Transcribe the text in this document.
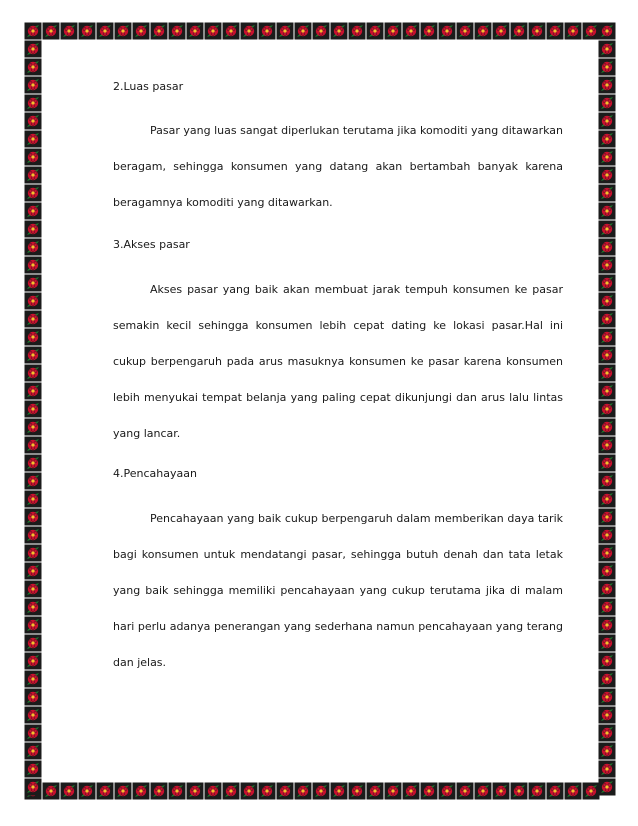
2.Luas pasar

Pasar yang luas sangat diperlukan terutama jika komoditi yang ditawarkan beragam, sehingga konsumen yang datang akan bertambah banyak karena beragamnya komoditi yang ditawarkan.

3.Akses pasar

Akses pasar yang baik akan membuat jarak tempuh konsumen ke pasar semakin kecil sehingga konsumen lebih cepat dating ke lokasi pasar.Hal ini cukup berpengaruh pada arus masuknya konsumen ke pasar karena konsumen lebih menyukai tempat belanja yang paling cepat dikunjungi dan arus lalu lintas yang lancar.

4.Pencahayaan

Pencahayaan yang baik cukup berpengaruh dalam memberikan daya tarik bagi konsumen untuk mendatangi pasar, sehingga butuh denah dan tata letak yang baik sehingga memiliki pencahayaan yang cukup terutama jika di malam hari perlu adanya penerangan yang sederhana namun pencahayaan yang terang dan jelas.
